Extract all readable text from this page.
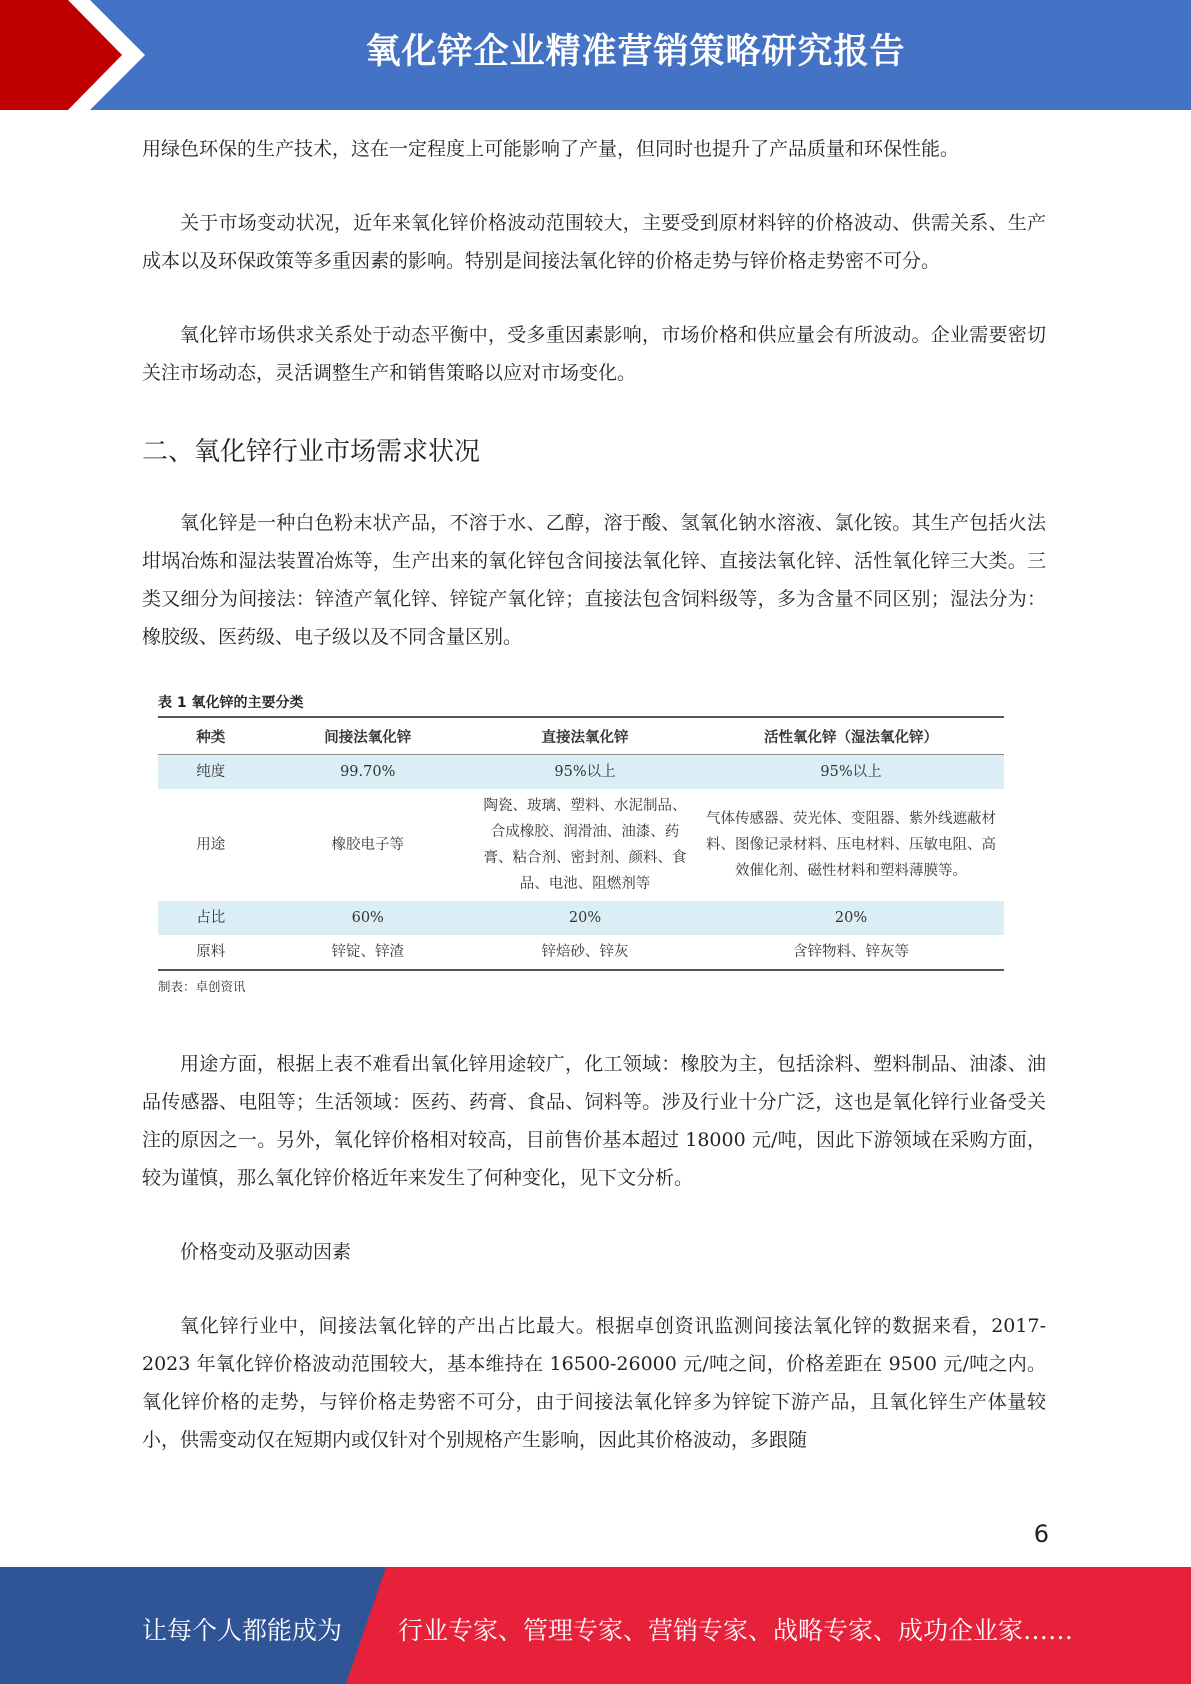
氧化锌企业精准营销策略研究报告

用绿色环保的生产技术，这在一定程度上可能影响了产量，但同时也提升了产品质量和环保性能。

关于市场变动状况，近年来氧化锌价格波动范围较大，主要受到原材料锌的价格波动、供需关系、生产成本以及环保政策等多重因素的影响。特别是间接法氧化锌的价格走势与锌价格走势密不可分。

氧化锌市场供求关系处于动态平衡中，受多重因素影响，市场价格和供应量会有所波动。企业需要密切关注市场动态，灵活调整生产和销售策略以应对市场变化。

二、氧化锌行业市场需求状况

氧化锌是一种白色粉末状产品，不溶于水、乙醇，溶于酸、氢氧化钠水溶液、氯化铵。其生产包括火法坩埚冶炼和湿法装置冶炼等，生产出来的氧化锌包含间接法氧化锌、直接法氧化锌、活性氧化锌三大类。三类又细分为间接法：锌渣产氧化锌、锌锭产氧化锌；直接法包含饲料级等，多为含量不同区别；湿法分为：橡胶级、医药级、电子级以及不同含量区别。

表 1 氧化锌的主要分类
种类	间接法氧化锌	直接法氧化锌	活性氧化锌（湿法氧化锌）
纯度	99.70%	95%以上	95%以上
用途	橡胶电子等	陶瓷、玻璃、塑料、水泥制品、合成橡胶、润滑油、油漆、药膏、粘合剂、密封剂、颜料、食品、电池、阻燃剂等	气体传感器、荧光体、变阻器、紫外线遮蔽材料、图像记录材料、压电材料、压敏电阻、高效催化剂、磁性材料和塑料薄膜等。
占比	60%	20%	20%
原料	锌锭、锌渣	锌焙砂、锌灰	含锌物料、锌灰等
制表：卓创资讯

用途方面，根据上表不难看出氧化锌用途较广，化工领域：橡胶为主，包括涂料、塑料制品、油漆、油品传感器、电阻等；生活领域：医药、药膏、食品、饲料等。涉及行业十分广泛，这也是氧化锌行业备受关注的原因之一。另外，氧化锌价格相对较高，目前售价基本超过 18000 元/吨，因此下游领域在采购方面，较为谨慎，那么氧化锌价格近年来发生了何种变化，见下文分析。

价格变动及驱动因素

氧化锌行业中，间接法氧化锌的产出占比最大。根据卓创资讯监测间接法氧化锌的数据来看，2017-2023 年氧化锌价格波动范围较大，基本维持在 16500-26000 元/吨之间，价格差距在 9500 元/吨之内。氧化锌价格的走势，与锌价格走势密不可分，由于间接法氧化锌多为锌锭下游产品，且氧化锌生产体量较小，供需变动仅在短期内或仅针对个别规格产生影响，因此其价格波动，多跟随

6
让每个人都能成为 行业专家、管理专家、营销专家、战略专家、成功企业家……
